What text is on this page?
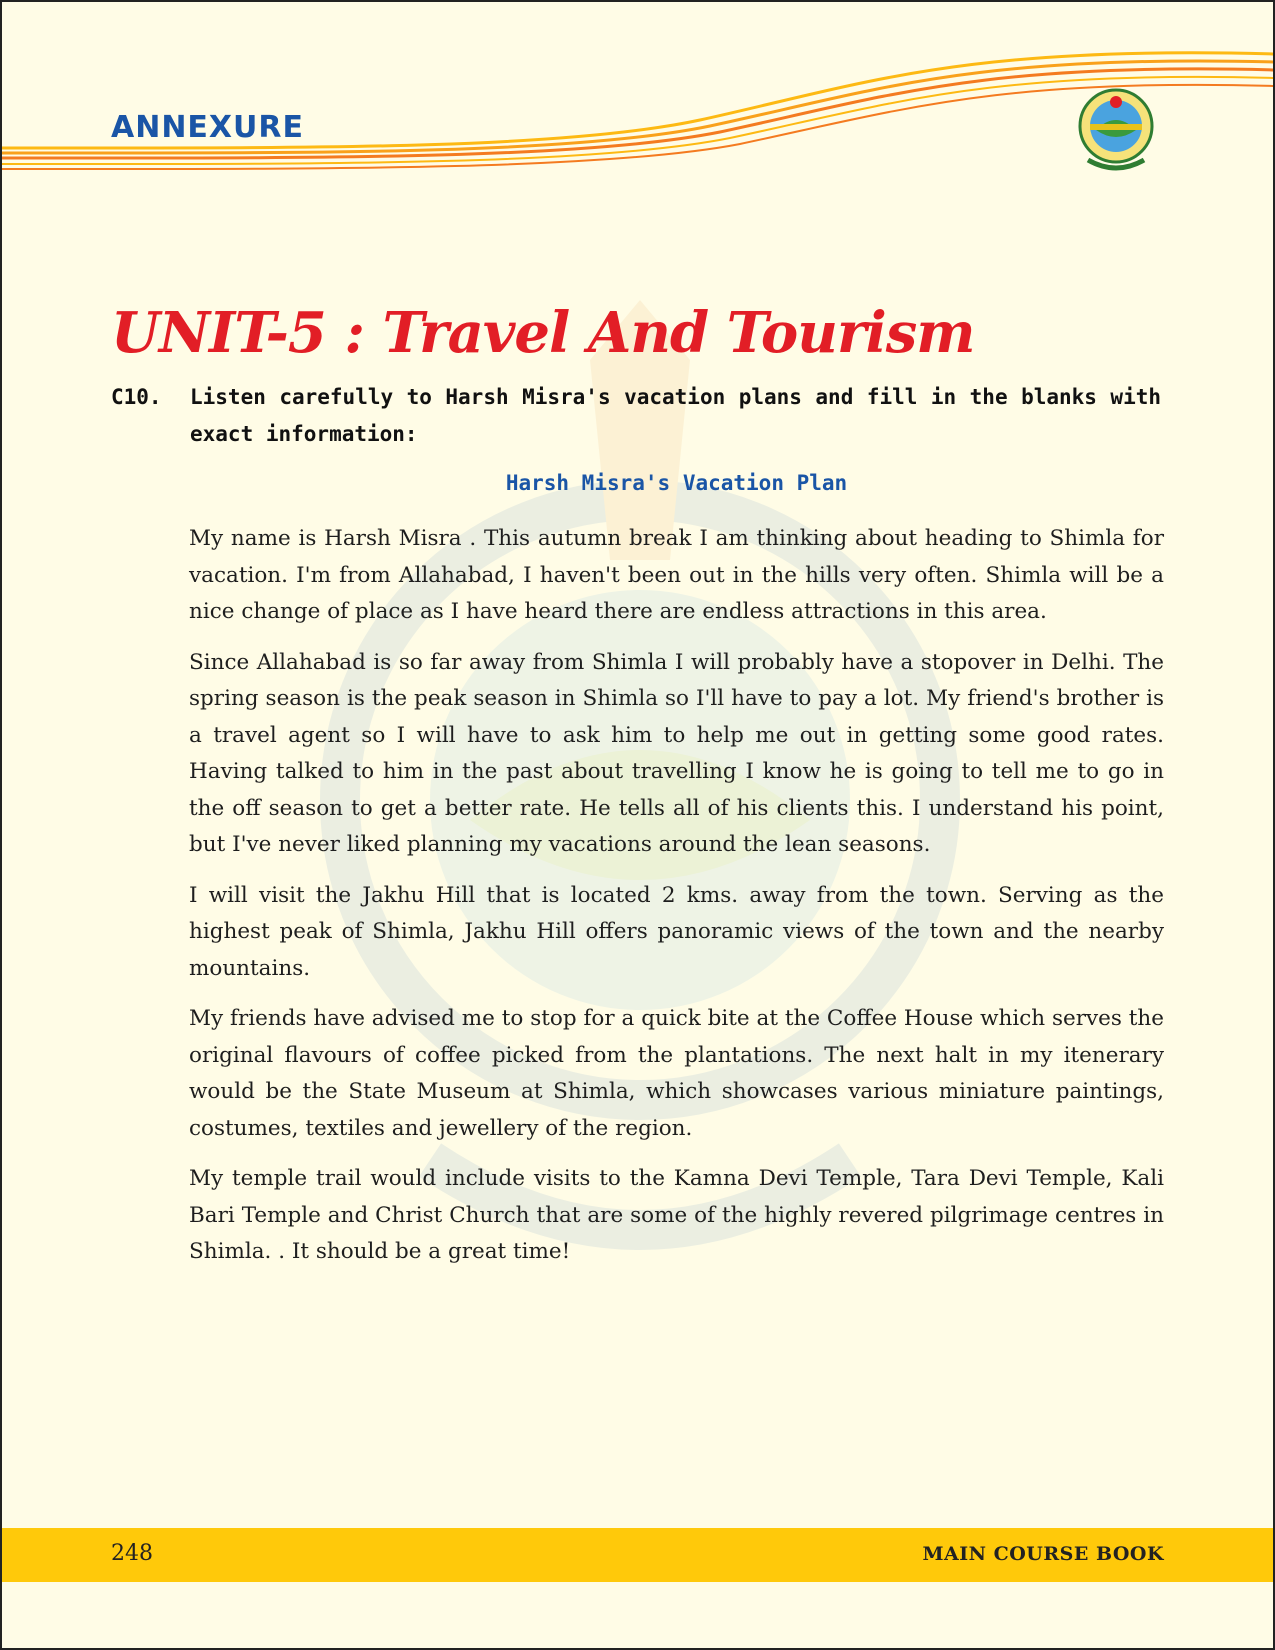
ANNEXURE
UNIT-5 : Travel And Tourism
C10. Listen carefully to Harsh Misra's vacation plans and fill in the blanks with exact information:
Harsh Misra's Vacation Plan

My name is Harsh Misra . This autumn break I am thinking about heading to Shimla for vacation. I'm from Allahabad, I haven't been out in the hills very often. Shimla will be a nice change of place as I have heard there are endless attractions in this area.

Since Allahabad is so far away from Shimla I will probably have a stopover in Delhi. The spring season is the peak season in Shimla so I'll have to pay a lot. My friend's brother is a travel agent so I will have to ask him to help me out in getting some good rates. Having talked to him in the past about travelling I know he is going to tell me to go in the off season to get a better rate. He tells all of his clients this. I understand his point, but I've never liked planning my vacations around the lean seasons.

I will visit the Jakhu Hill that is located 2 kms. away from the town. Serving as the highest peak of Shimla, Jakhu Hill offers panoramic views of the town and the nearby mountains.

My friends have advised me to stop for a quick bite at the Coffee House which serves the original flavours of coffee picked from the plantations. The next halt in my itenerary would be the State Museum at Shimla, which showcases various miniature paintings, costumes, textiles and jewellery of the region.

My temple trail would include visits to the Kamna Devi Temple, Tara Devi Temple, Kali Bari Temple and Christ Church that are some of the highly revered pilgrimage centres in Shimla. . It should be a great time!

248	MAIN COURSE BOOK
